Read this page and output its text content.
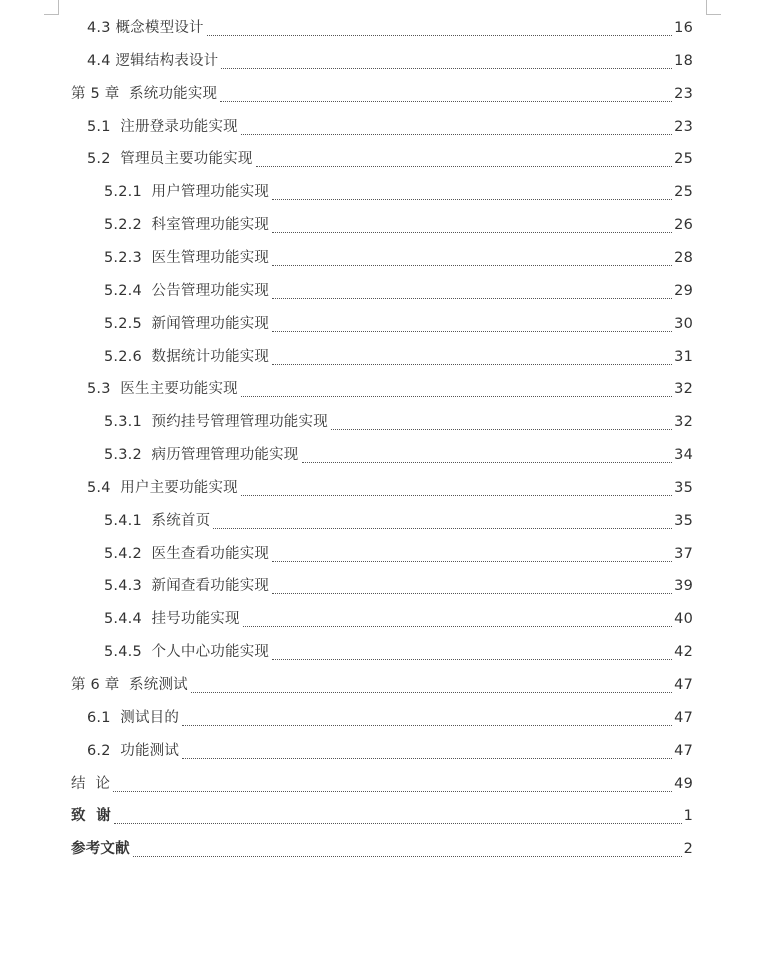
4.3 概念模型设计	16
4.4 逻辑结构表设计	18
第 5 章  系统功能实现	23
5.1  注册登录功能实现	23
5.2  管理员主要功能实现	25
5.2.1  用户管理功能实现	25
5.2.2  科室管理功能实现	26
5.2.3  医生管理功能实现	28
5.2.4  公告管理功能实现	29
5.2.5  新闻管理功能实现	30
5.2.6  数据统计功能实现	31
5.3  医生主要功能实现	32
5.3.1  预约挂号管理管理功能实现	32
5.3.2  病历管理管理功能实现	34
5.4  用户主要功能实现	35
5.4.1  系统首页	35
5.4.2  医生查看功能实现	37
5.4.3  新闻查看功能实现	39
5.4.4  挂号功能实现	40
5.4.5  个人中心功能实现	42
第 6 章  系统测试	47
6.1  测试目的	47
6.2  功能测试	47
结  论	49
致  谢	1
参考文献	2
